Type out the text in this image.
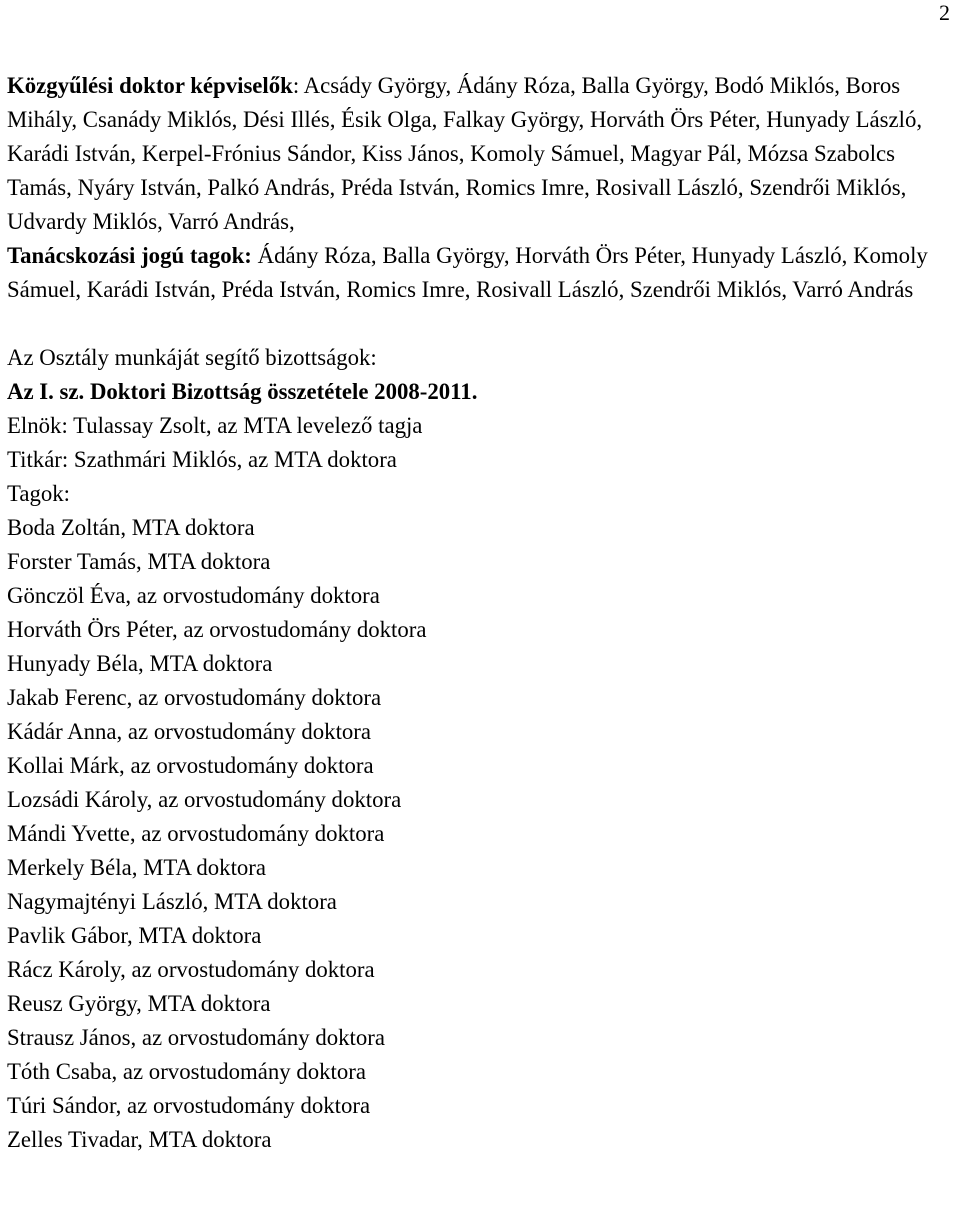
2

Közgyűlési doktor képviselők: Acsády György, Ádány Róza, Balla György, Bodó Miklós, Boros Mihály, Csanády Miklós, Dési Illés, Ésik Olga, Falkay György, Horváth Örs Péter, Hunyady László, Karádi István, Kerpel-Frónius Sándor, Kiss János, Komoly Sámuel, Magyar Pál, Mózsa Szabolcs Tamás, Nyáry István, Palkó András, Préda István, Romics Imre, Rosivall László, Szendrői Miklós, Udvardy Miklós, Varró András,

Tanácskozási jogú tagok: Ádány Róza, Balla György, Horváth Örs Péter, Hunyady László, Komoly Sámuel, Karádi István, Préda István, Romics Imre, Rosivall László, Szendrői Miklós, Varró András

Az Osztály munkáját segítő bizottságok:

Az I. sz. Doktori Bizottság összetétele 2008-2011.

Elnök: Tulassay Zsolt, az MTA levelező tagja

Titkár: Szathmári Miklós, az MTA doktora

Tagok:

Boda Zoltán, MTA doktora

Forster Tamás, MTA doktora

Gönczöl Éva, az orvostudomány doktora

Horváth Örs Péter, az orvostudomány doktora

Hunyady Béla, MTA doktora

Jakab Ferenc, az orvostudomány doktora

Kádár Anna, az orvostudomány doktora

Kollai Márk, az orvostudomány doktora

Lozsádi Károly, az orvostudomány doktora

Mándi Yvette, az orvostudomány doktora

Merkely Béla, MTA doktora

Nagymajtényi László, MTA doktora

Pavlik Gábor, MTA doktora

Rácz Károly, az orvostudomány doktora

Reusz György, MTA doktora

Strausz János, az orvostudomány doktora

Tóth Csaba, az orvostudomány doktora

Túri Sándor, az orvostudomány doktora

Zelles Tivadar, MTA doktora
